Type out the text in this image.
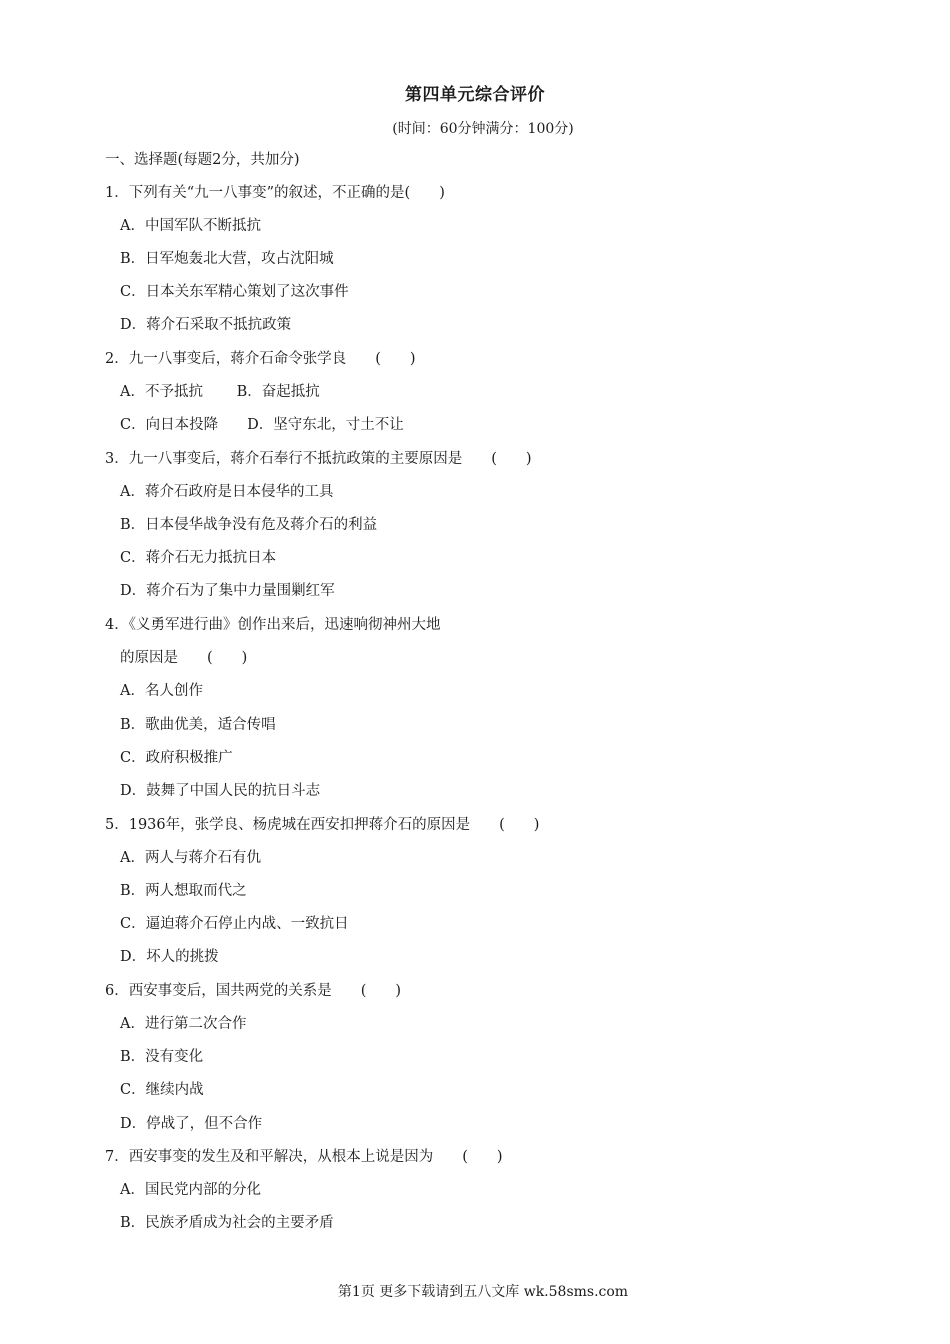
第四单元综合评价
(时间：60分钟满分：100分)
一、选择题(每题2分，共加分)
1．下列有关“九一八事变”的叙述，不正确的是(　　)
A．中国军队不断抵抗
B．日军炮轰北大营，攻占沈阳城
C．日本关东军精心策划了这次事件
D．蒋介石采取不抵抗政策
2．九一八事变后，蒋介石命令张学良　　(　　)
A．不予抵抗　　 B．奋起抵抗
C．向日本投降　　D．坚守东北，寸土不让
3．九一八事变后，蒋介石奉行不抵抗政策的主要原因是　　(　　)
A．蒋介石政府是日本侵华的工具
B．日本侵华战争没有危及蒋介石的利益
C．蒋介石无力抵抗日本
D．蒋介石为了集中力量围剿红军
4．《义勇军进行曲》创作出来后，迅速响彻神州大地
的原因是　　(　　)
A．名人创作
B．歌曲优美，适合传唱
C．政府积极推广
D．鼓舞了中国人民的抗日斗志
5．1936年，张学良、杨虎城在西安扣押蒋介石的原因是　　(　　)
A．两人与蒋介石有仇
B．两人想取而代之
C．逼迫蒋介石停止内战、一致抗日
D．坏人的挑拨
6．西安事变后，国共两党的关系是　　(　　)
A．进行第二次合作
B．没有变化
C．继续内战
D．停战了，但不合作
7．西安事变的发生及和平解决，从根本上说是因为　　(　　)
A．国民党内部的分化
B．民族矛盾成为社会的主要矛盾
第1页 更多下载请到五八文库 wk.58sms.com
